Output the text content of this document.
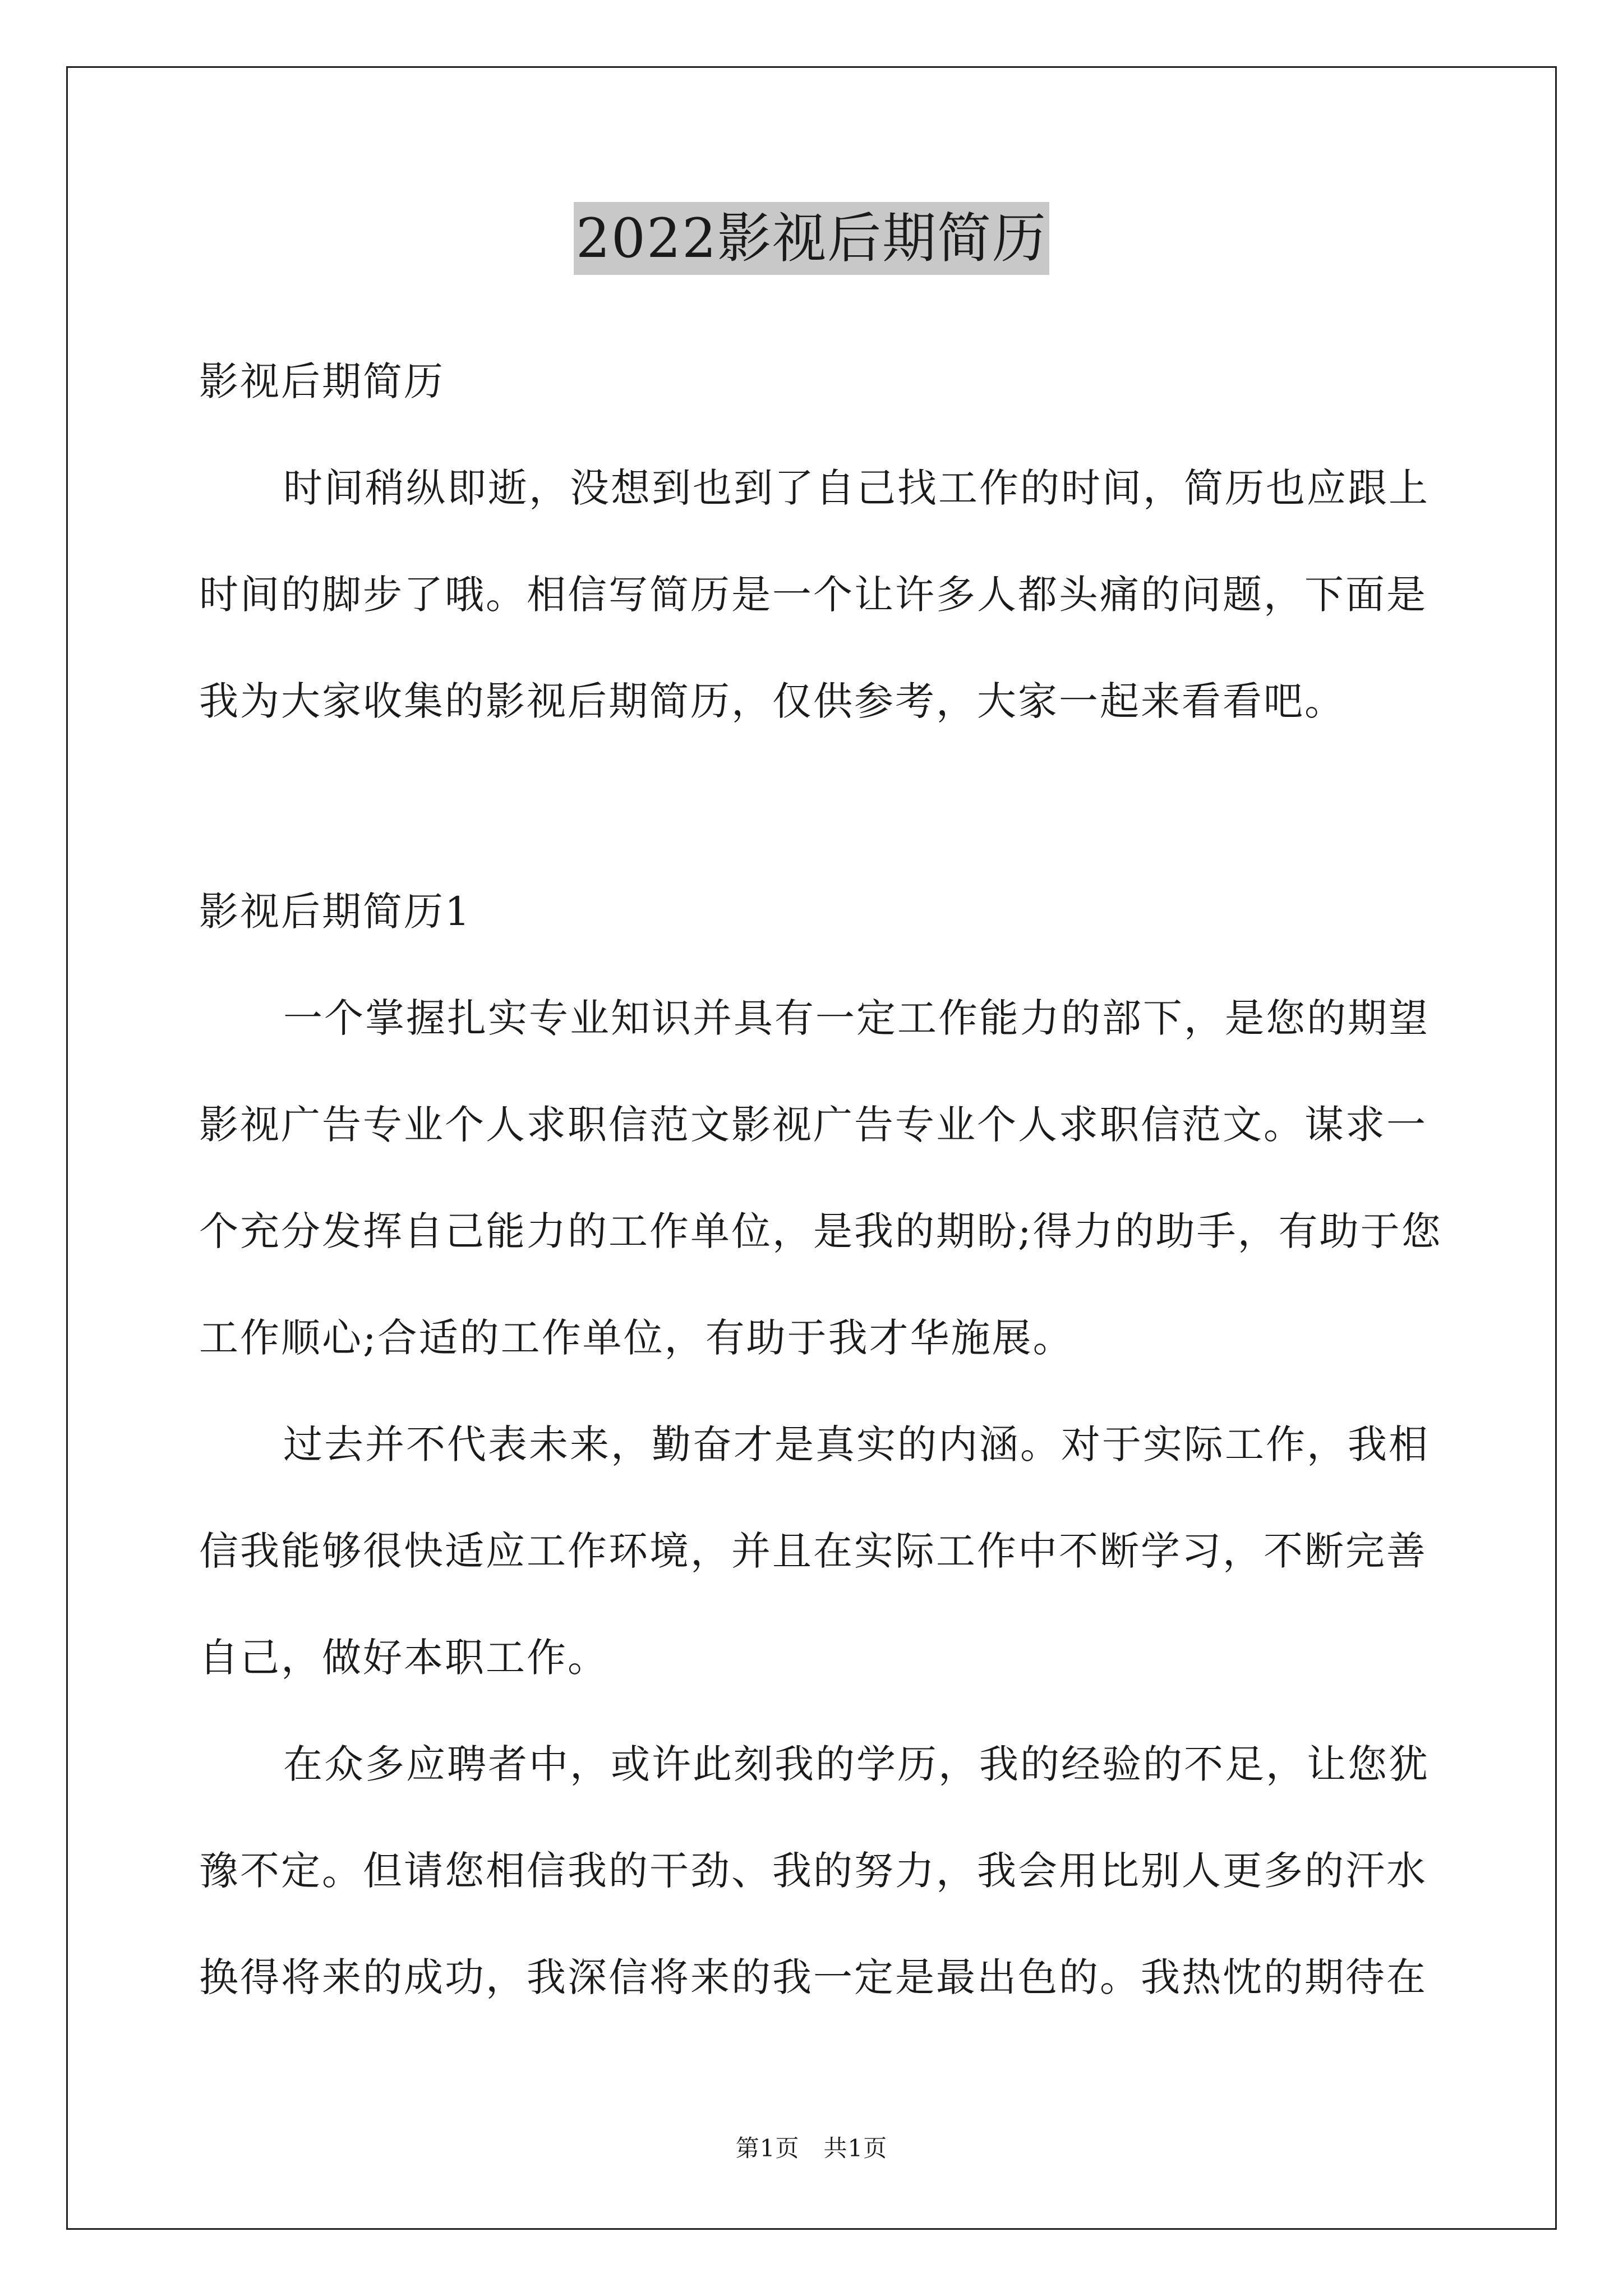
2022影视后期简历
影视后期简历
时间稍纵即逝，没想到也到了自己找工作的时间，简历也应跟上
时间的脚步了哦。相信写简历是一个让许多人都头痛的问题，下面是
我为大家收集的影视后期简历，仅供参考，大家一起来看看吧。
影视后期简历1
一个掌握扎实专业知识并具有一定工作能力的部下，是您的期望
影视广告专业个人求职信范文影视广告专业个人求职信范文。谋求一
个充分发挥自己能力的工作单位，是我的期盼;得力的助手，有助于您
工作顺心;合适的工作单位，有助于我才华施展。
过去并不代表未来，勤奋才是真实的内涵。对于实际工作，我相
信我能够很快适应工作环境，并且在实际工作中不断学习，不断完善
自己，做好本职工作。
在众多应聘者中，或许此刻我的学历，我的经验的不足，让您犹
豫不定。但请您相信我的干劲、我的努力，我会用比别人更多的汗水
换得将来的成功，我深信将来的我一定是最出色的。我热忱的期待在
第1页　共1页
